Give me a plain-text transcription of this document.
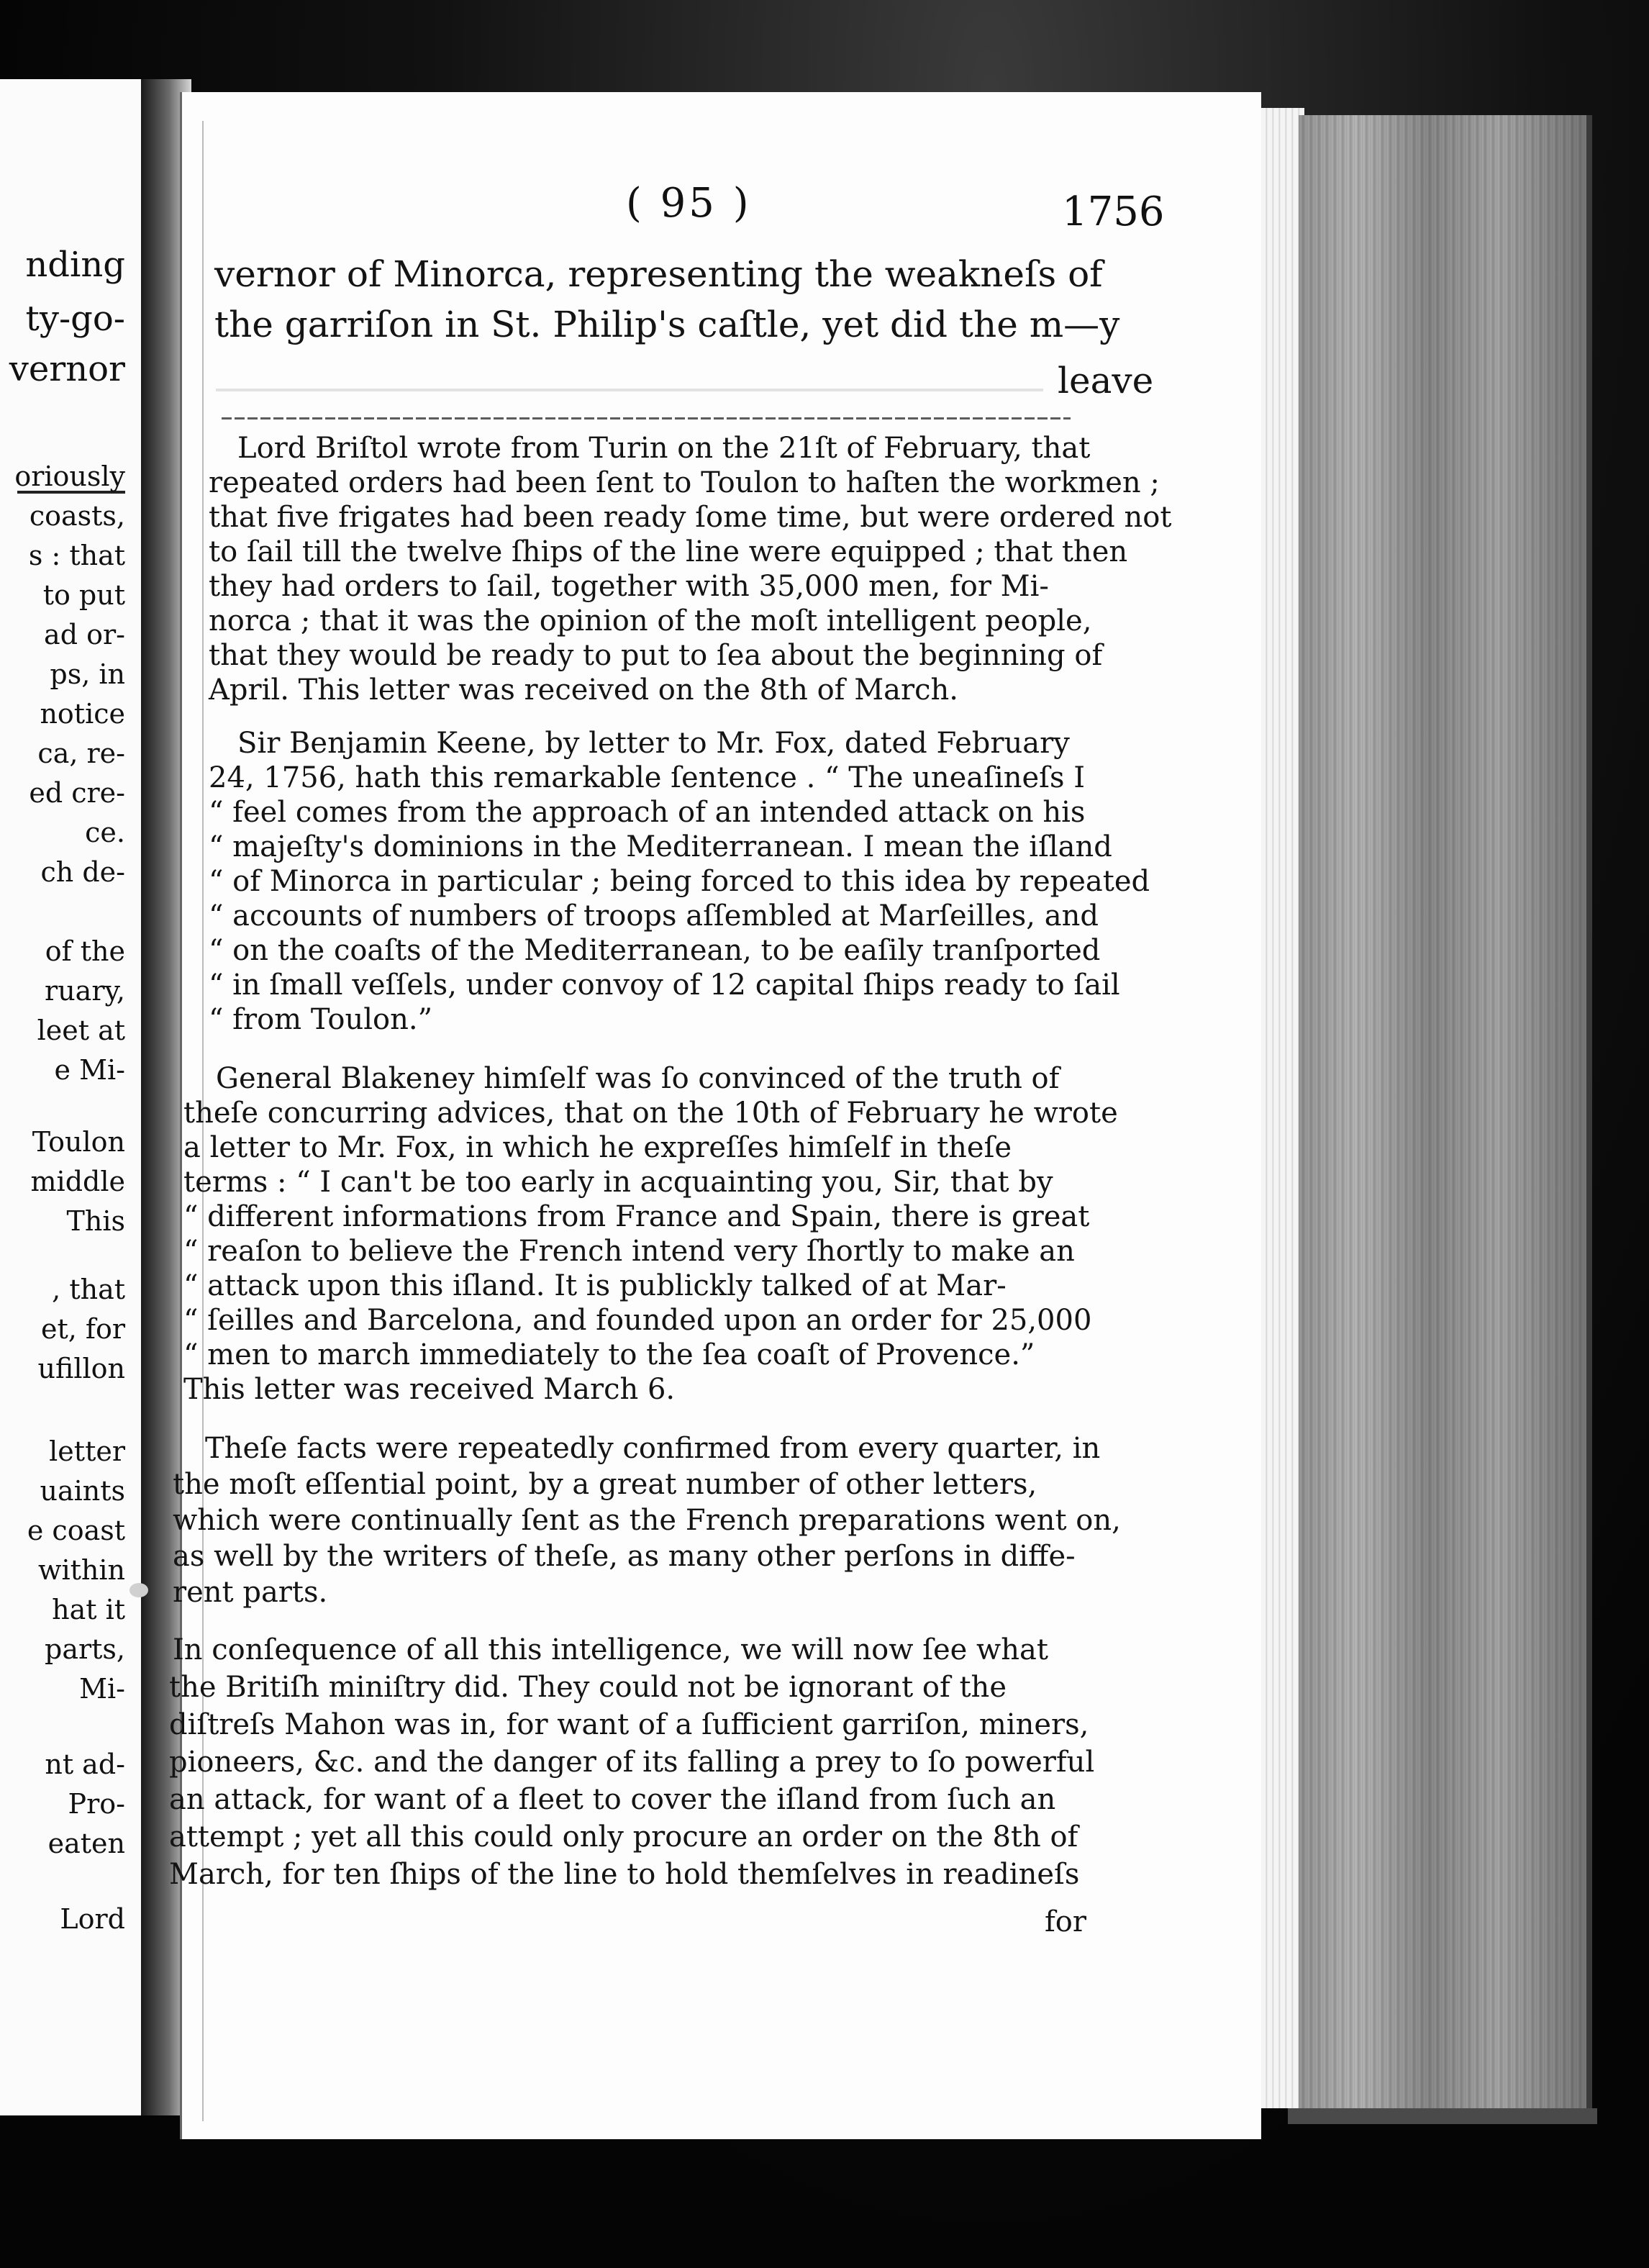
nding
ty-go-
vernor
oriously
coasts,
s : that
to put
ad or-
ps, in
notice
ca, re-
ed cre-
ce.
ch de-
of the
ruary,
leet at
e Mi-
Toulon
middle
This
, that
et, for
ufillon
letter
uaints
e coast
within
hat it
parts,
Mi-
nt ad-
Pro-
eaten
Lord
( 95 )	1756
vernor of Minorca, representing the weakneſs of
the garriſon in St. Philip's caſtle, yet did the m—y
leave
Lord Briſtol wrote from Turin on the 21ſt of February, that
repeated orders had been ſent to Toulon to haſten the workmen ;
that five frigates had been ready ſome time, but were ordered not
to ſail till the twelve ſhips of the line were equipped ; that then
they had orders to ſail, together with 35,000 men, for Mi-
norca ; that it was the opinion of the moſt intelligent people,
that they would be ready to put to ſea about the beginning of
April. This letter was received on the 8th of March.
Sir Benjamin Keene, by letter to Mr. Fox, dated February
24, 1756, hath this remarkable ſentence . “ The uneaſineſs I
“ feel comes from the approach of an intended attack on his
“ majeſty's dominions in the Mediterranean. I mean the iſland
“ of Minorca in particular ; being forced to this idea by repeated
“ accounts of numbers of troops aſſembled at Marſeilles, and
“ on the coaſts of the Mediterranean, to be eaſily tranſported
“ in ſmall veſſels, under convoy of 12 capital ſhips ready to ſail
“ from Toulon.”
General Blakeney himſelf was ſo convinced of the truth of
theſe concurring advices, that on the 10th of February he wrote
a letter to Mr. Fox, in which he expreſſes himſelf in theſe
terms : “ I can't be too early in acquainting you, Sir, that by
“ different informations from France and Spain, there is great
“ reaſon to believe the French intend very ſhortly to make an
“ attack upon this iſland. It is publickly talked of at Mar-
“ ſeilles and Barcelona, and founded upon an order for 25,000
“ men to march immediately to the ſea coaſt of Provence.”
This letter was received March 6.
Theſe facts were repeatedly confirmed from every quarter, in
the moſt eſſential point, by a great number of other letters,
which were continually ſent as the French preparations went on,
as well by the writers of theſe, as many other perſons in diffe-
rent parts.
In conſequence of all this intelligence, we will now ſee what
the Britiſh miniſtry did. They could not be ignorant of the
diſtreſs Mahon was in, for want of a ſufficient garriſon, miners,
pioneers, &c. and the danger of its falling a prey to ſo powerful
an attack, for want of a fleet to cover the iſland from ſuch an
attempt ; yet all this could only procure an order on the 8th of
March, for ten ſhips of the line to hold themſelves in readineſs
for
